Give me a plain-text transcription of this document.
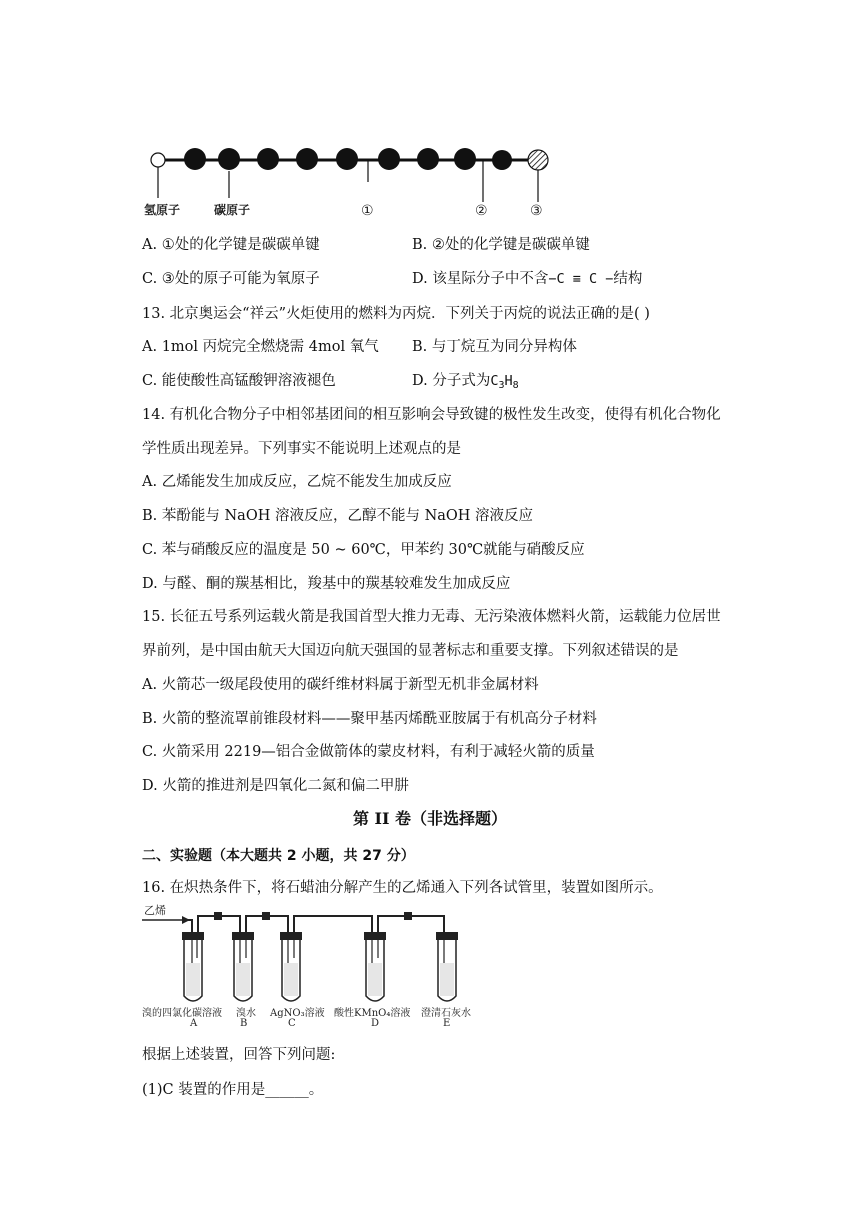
氢原子	碳原子	①	②	③
A. ①处的化学键是碳碳单键	B. ②处的化学键是碳碳单键
C. ③处的原子可能为氧原子	D. 该星际分子中不含−C ≡ C −结构
13. 北京奥运会“祥云”火炬使用的燃料为丙烷．下列关于丙烷的说法正确的是( )
A. 1mol 丙烷完全燃烧需 4mol 氧气 B. 与丁烷互为同分异构体
C. 能使酸性高锰酸钾溶液褪色	D. 分子式为$C_3H_8$
14. 有机化合物分子中相邻基团间的相互影响会导致键的极性发生改变，使得有机化合物化
学性质出现差异。下列事实不能说明上述观点的是
A. 乙烯能发生加成反应，乙烷不能发生加成反应
B. 苯酚能与 NaOH 溶液反应，乙醇不能与 NaOH 溶液反应
C. 苯与硝酸反应的温度是 50 ~ 60℃，甲苯约 30℃就能与硝酸反应
D. 与醛、酮的羰基相比，羧基中的羰基较难发生加成反应
15. 长征五号系列运载火箭是我国首型大推力无毒、无污染液体燃料火箭，运载能力位居世
界前列，是中国由航天大国迈向航天强国的显著标志和重要支撑。下列叙述错误的是
A. 火箭芯一级尾段使用的碳纤维材料属于新型无机非金属材料
B. 火箭的整流罩前锥段材料——聚甲基丙烯酰亚胺属于有机高分子材料
C. 火箭采用 2219—铝合金做箭体的蒙皮材料，有利于减轻火箭的质量
D. 火箭的推进剂是四氧化二氮和偏二甲肼
第 II 卷（非选择题）
二、实验题（本大题共 2 小题，共 27 分）
16. 在炽热条件下，将石蜡油分解产生的乙烯通入下列各试管里，装置如图所示。
乙烯
溴的四氯化碳溶液
A
溴水
B
AgNO₃溶液
C
酸性KMnO₄溶液
D
澄清石灰水
E
根据上述装置，回答下列问题:
(1)C 装置的作用是______。
